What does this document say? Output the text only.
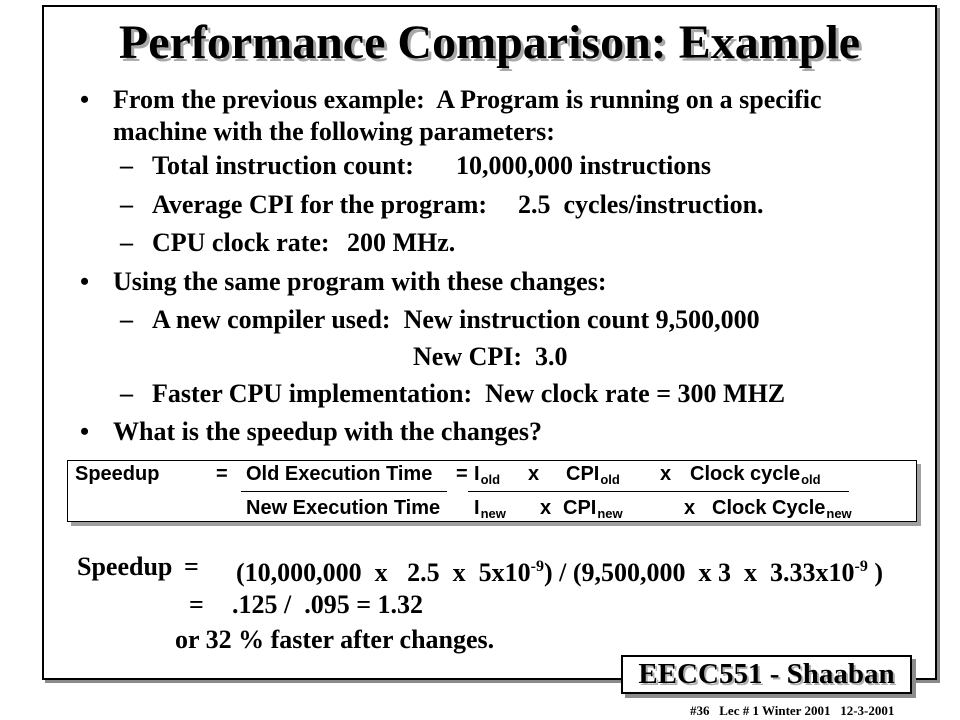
Performance Comparison: Example
• From the previous example:  A Program is running on a specific
machine with the following parameters:
– Total instruction count: 10,000,000 instructions
– Average CPI for the program: 2.5  cycles/instruction.
– CPU clock rate: 200 MHz.
• Using the same program with these changes:
– A new compiler used:  New instruction count 9,500,000
New CPI:  3.0
– Faster CPU implementation:  New clock rate = 300 MHZ
• What is the speedup with the changes?
Speedup	= Old Execution Time
New Execution Time
= $I_{old}$ x $CPI_{old}$ x Clock cycle$_{old}$
$I_{new}$ x $CPI_{new}$	x Clock Cycle$_{new}$
Speedup = (10,000,000  x   2.5  x  $5x10^{-9}) / (9,500,000$  x 3  x  $3.33x10^{-9}$ )
= .125 /  .095 = 1.32
or 32 % faster after changes.
EECC551 - Shaaban
#36   Lec # 1 Winter 2001   12-3-2001
